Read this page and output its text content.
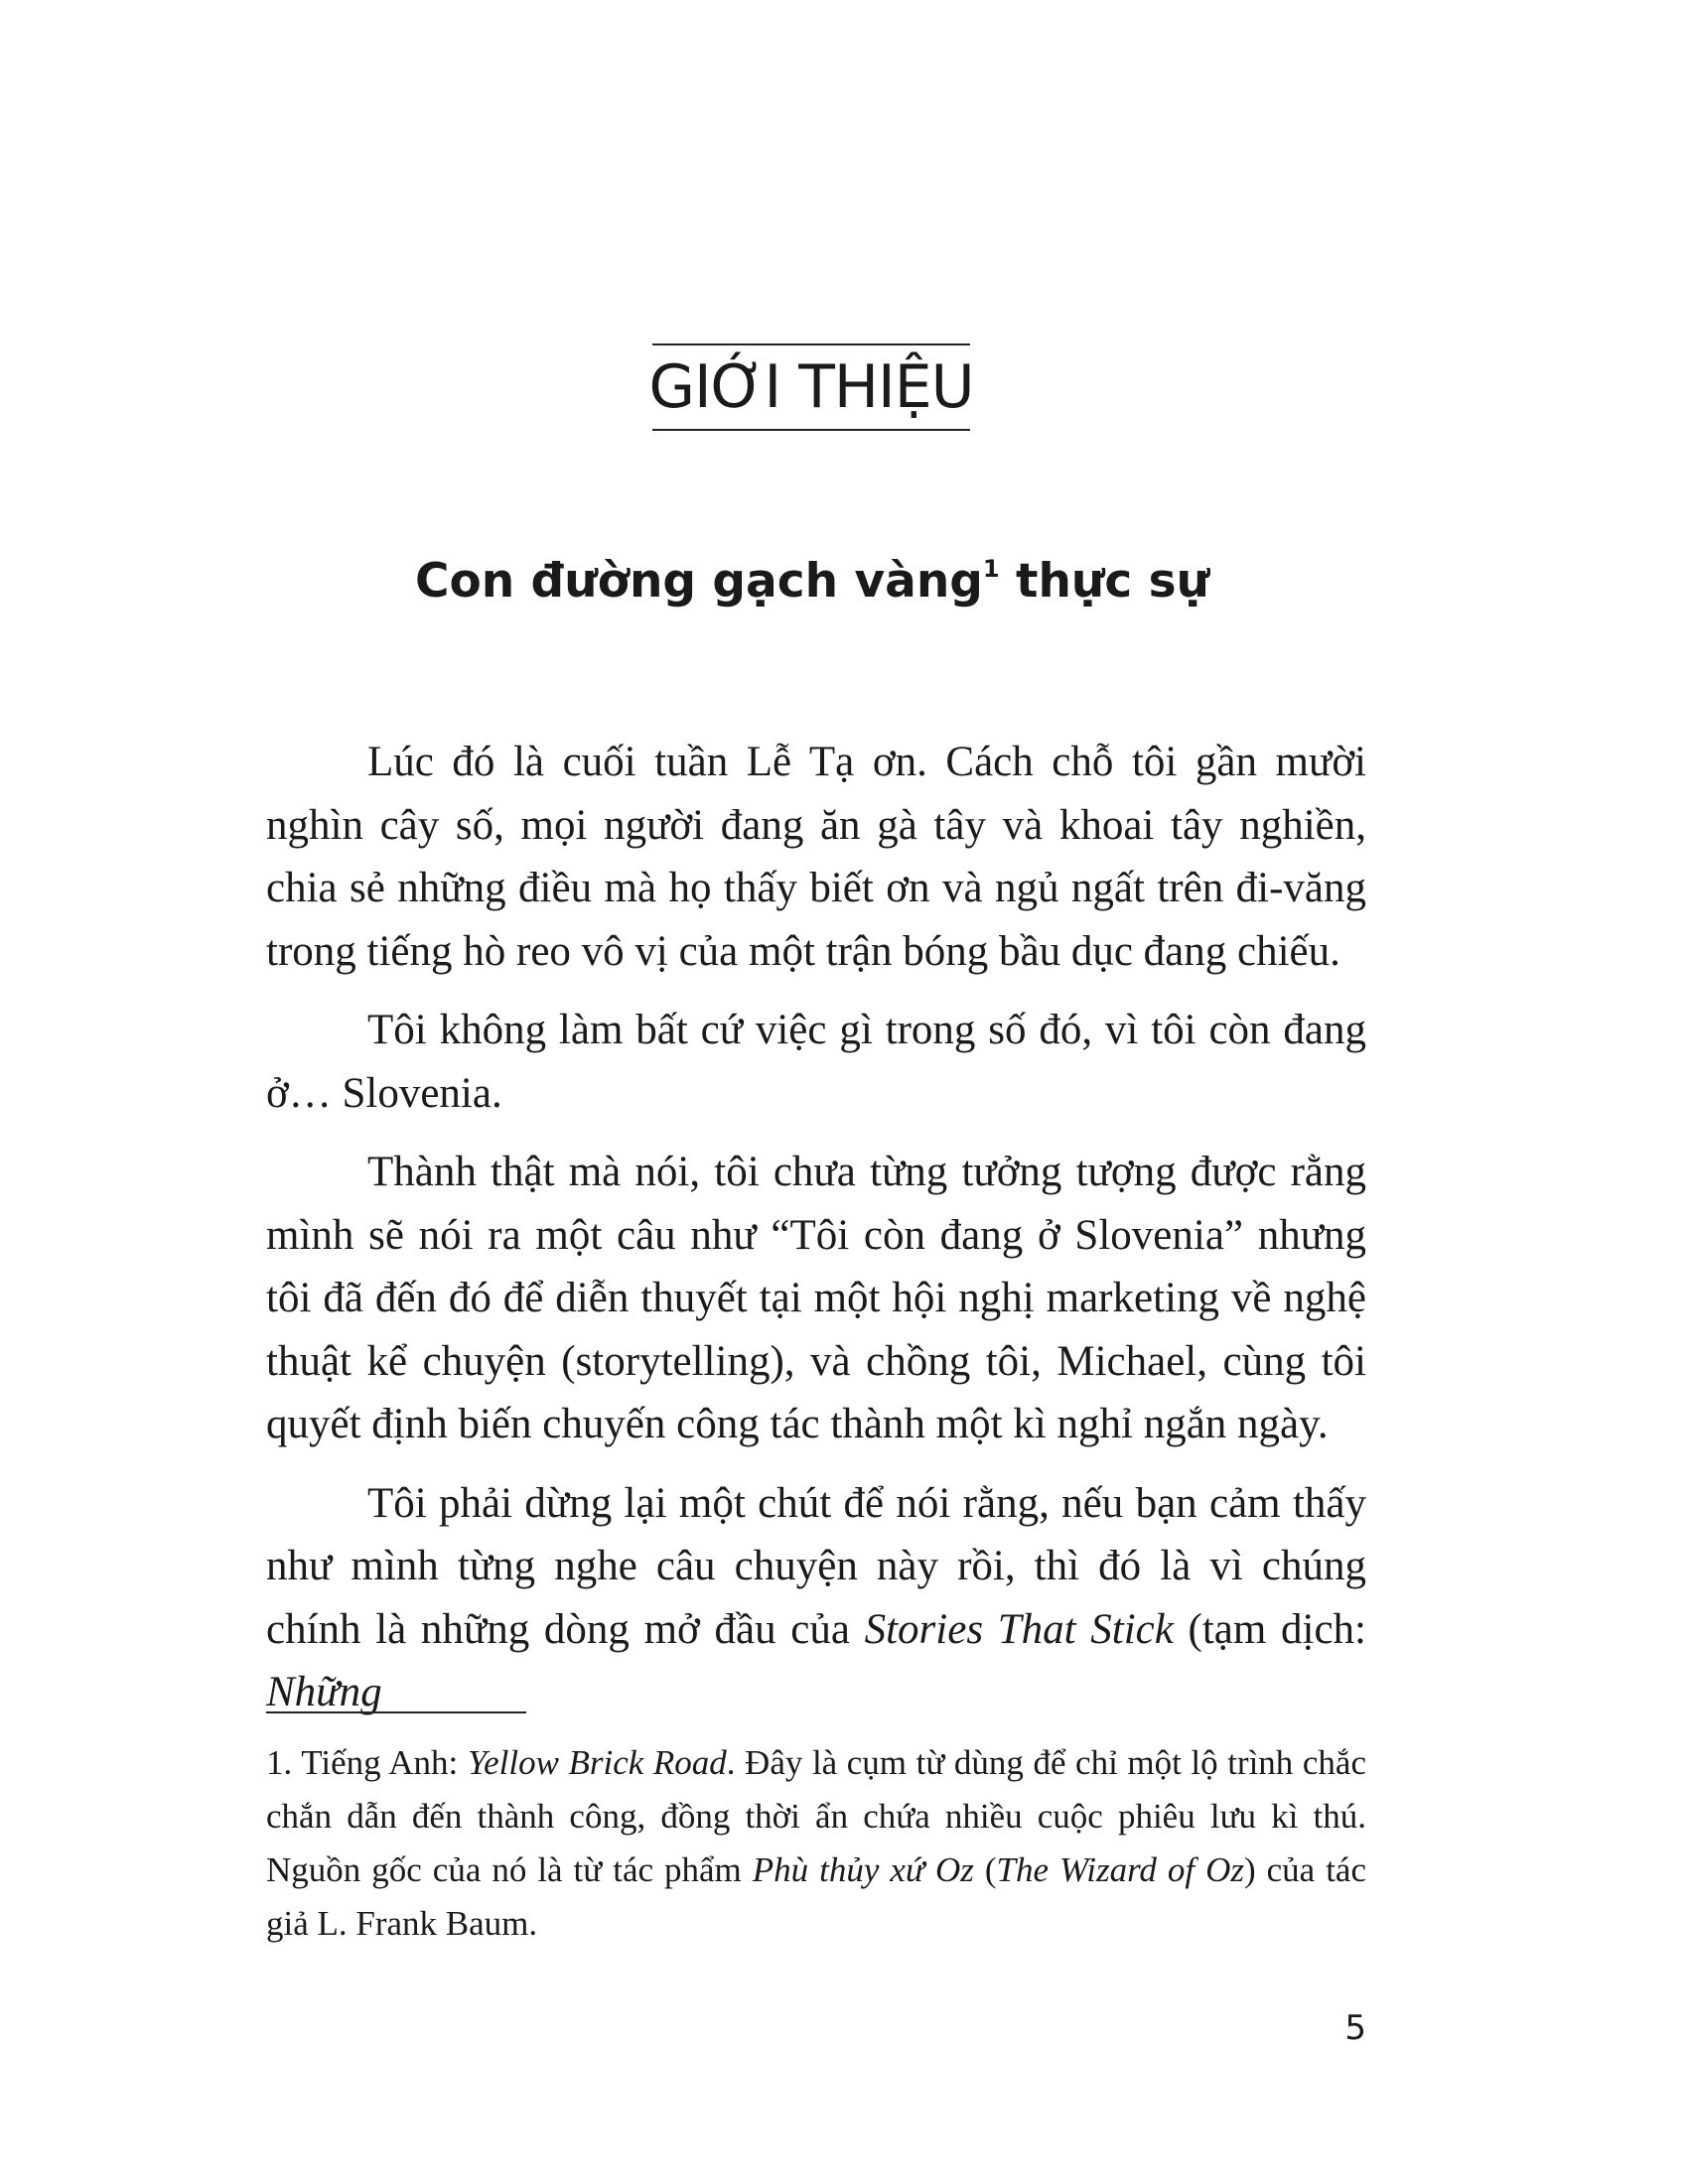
GIỚI THIỆU
Con đường gạch vàng$^1$ thực sự

Lúc đó là cuối tuần Lễ Tạ ơn. Cách chỗ tôi gần mười nghìn cây số, mọi người đang ăn gà tây và khoai tây nghiền, chia sẻ những điều mà họ thấy biết ơn và ngủ ngất trên đi-văng trong tiếng hò reo vô vị của một trận bóng bầu dục đang chiếu.

Tôi không làm bất cứ việc gì trong số đó, vì tôi còn đang ở… Slovenia.

Thành thật mà nói, tôi chưa từng tưởng tượng được rằng mình sẽ nói ra một câu như “Tôi còn đang ở Slovenia” nhưng tôi đã đến đó để diễn thuyết tại một hội nghị marketing về nghệ thuật kể chuyện (storytelling), và chồng tôi, Michael, cùng tôi quyết định biến chuyến công tác thành một kì nghỉ ngắn ngày.

Tôi phải dừng lại một chút để nói rằng, nếu bạn cảm thấy như mình từng nghe câu chuyện này rồi, thì đó là vì chúng chính là những dòng mở đầu của Stories That Stick (tạm dịch: Những

1. Tiếng Anh: Yellow Brick Road. Đây là cụm từ dùng để chỉ một lộ trình chắc chắn dẫn đến thành công, đồng thời ẩn chứa nhiều cuộc phiêu lưu kì thú. Nguồn gốc của nó là từ tác phẩm Phù thủy xứ Oz (The Wizard of Oz) của tác giả L. Frank Baum.

5
